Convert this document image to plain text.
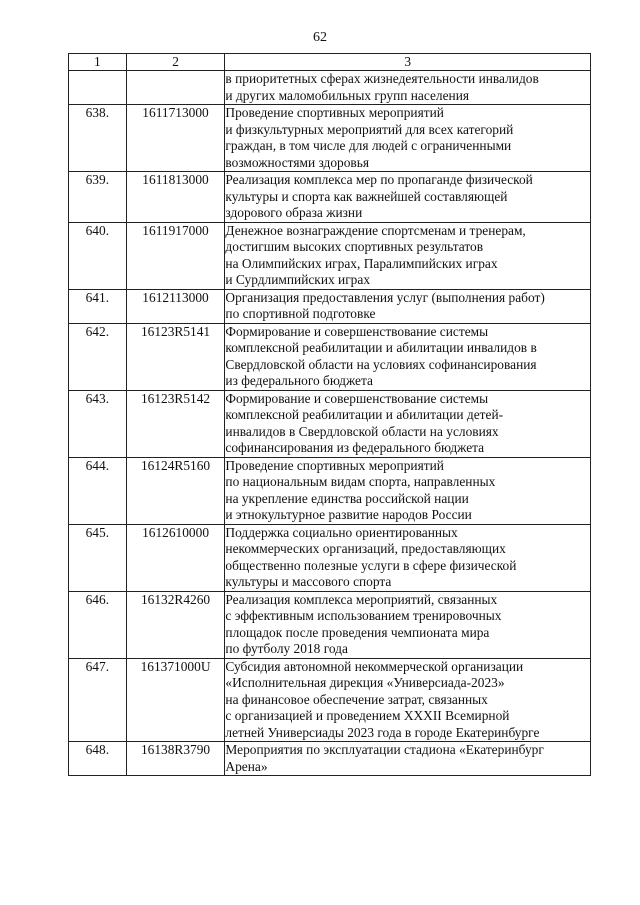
62
1	2	3

		в приоритетных сферах жизнедеятельности инвалидов
и других маломобильных групп населения

638.	1611713000	Проведение спортивных мероприятий
и физкультурных мероприятий для всех категорий
граждан, в том числе для людей с ограниченными
возможностями здоровья

639.	1611813000	Реализация комплекса мер по пропаганде физической
культуры и спорта как важнейшей составляющей
здорового образа жизни

640.	1611917000	Денежное вознаграждение спортсменам и тренерам,
достигшим высоких спортивных результатов
на Олимпийских играх, Паралимпийских играх
и Сурдлимпийских играх

641.	1612113000	Организация предоставления услуг (выполнения работ)
по спортивной подготовке

642.	16123R5141	Формирование и совершенствование системы
комплексной реабилитации и абилитации инвалидов в
Свердловской области на условиях софинансирования
из федерального бюджета

643.	16123R5142	Формирование и совершенствование системы
комплексной реабилитации и абилитации детей-
инвалидов в Свердловской области на условиях
софинансирования из федерального бюджета

644.	16124R5160	Проведение спортивных мероприятий
по национальным видам спорта, направленных
на укрепление единства российской нации
и этнокультурное развитие народов России

645.	1612610000	Поддержка социально ориентированных
некоммерческих организаций, предоставляющих
общественно полезные услуги в сфере физической
культуры и массового спорта

646.	16132R4260	Реализация комплекса мероприятий, связанных
с эффективным использованием тренировочных
площадок после проведения чемпионата мира
по футболу 2018 года

647.	161371000U	Субсидия автономной некоммерческой организации
«Исполнительная дирекция «Универсиада-2023»
на финансовое обеспечение затрат, связанных
с организацией и проведением XXXII Всемирной
летней Универсиады 2023 года в городе Екатеринбурге

648.	16138R3790	Мероприятия по эксплуатации стадиона «Екатеринбург
Арена»
